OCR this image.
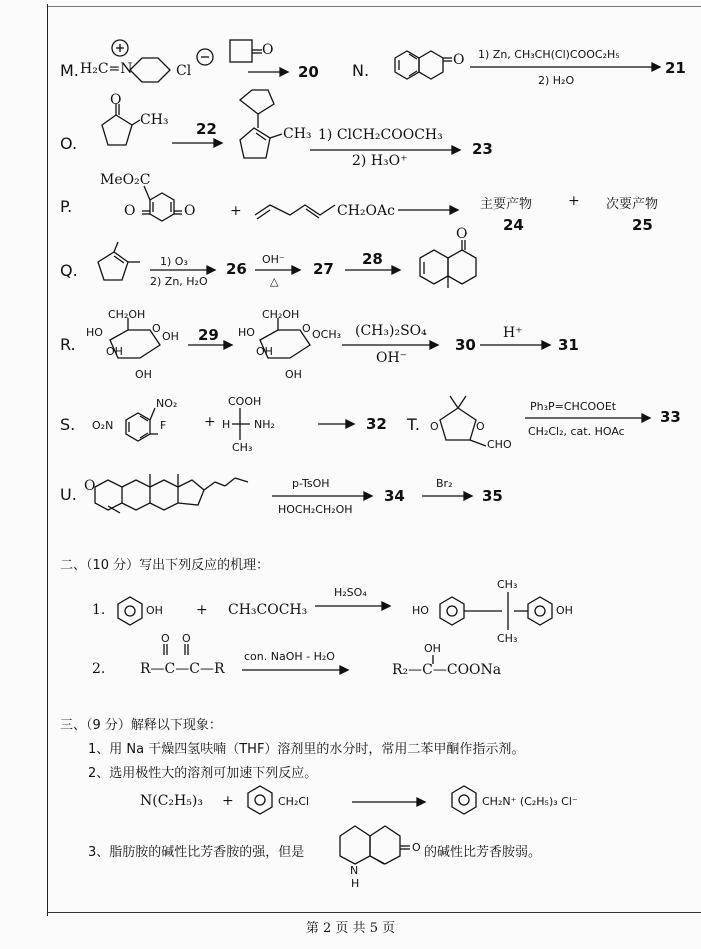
M. H₂C=N	Cl
O
20 N.
O 1) Zn, CH₃CH(Cl)COOC₂H₅
2) H₂O
21
O.
O
CH₃ 22	CH₃ 1) ClCH₂COOCH₃
2) H₃O⁺
23
P.
MeO₂C
O	O +	CH₂OAc	主要产物	+ 次要产物
24	25
Q.	1) O₃
2) Zn, H₂O
26
OH⁻
△
27
28
O
R.
CH₂OH
HO	O
OH
OH
OH
29
CH₂OH
HO	O OCH₃
OH
OH
(CH₃)₂SO₄
OH⁻
30
H⁺
31
S. O₂N
NO₂
F	+
COOH
H NH₂
CH₃
32 T. O	O
CHO
Ph₃P=CHCOOEt
CH₂Cl₂, cat. HOAc
33
U. O	p-TsOH
HOCH₂CH₂OH
34
Br₂
35
二、（10 分）写出下列反应的机理：
1.	OH + CH₃COCH₃
H₂SO₄
HO
CH₃
CH₃
OH
2.
O O
R—C—C—R
con. NaOH - H₂O
OH
R₂—C—COONa
三、（9 分）解释以下现象：
1、用 Na 干燥四氢呋喃（THF）溶剂里的水分时，常用二苯甲酮作指示剂。
2、选用极性大的溶剂可加速下列反应。
N(C₂H₅)₃ +	CH₂Cl	CH₂N⁺ (C₂H₅)₃ Cl⁻
3、脂肪胺的碱性比芳香胺的强，但是
N
H
O 的碱性比芳香胺弱。
第 2 页 共 5 页
